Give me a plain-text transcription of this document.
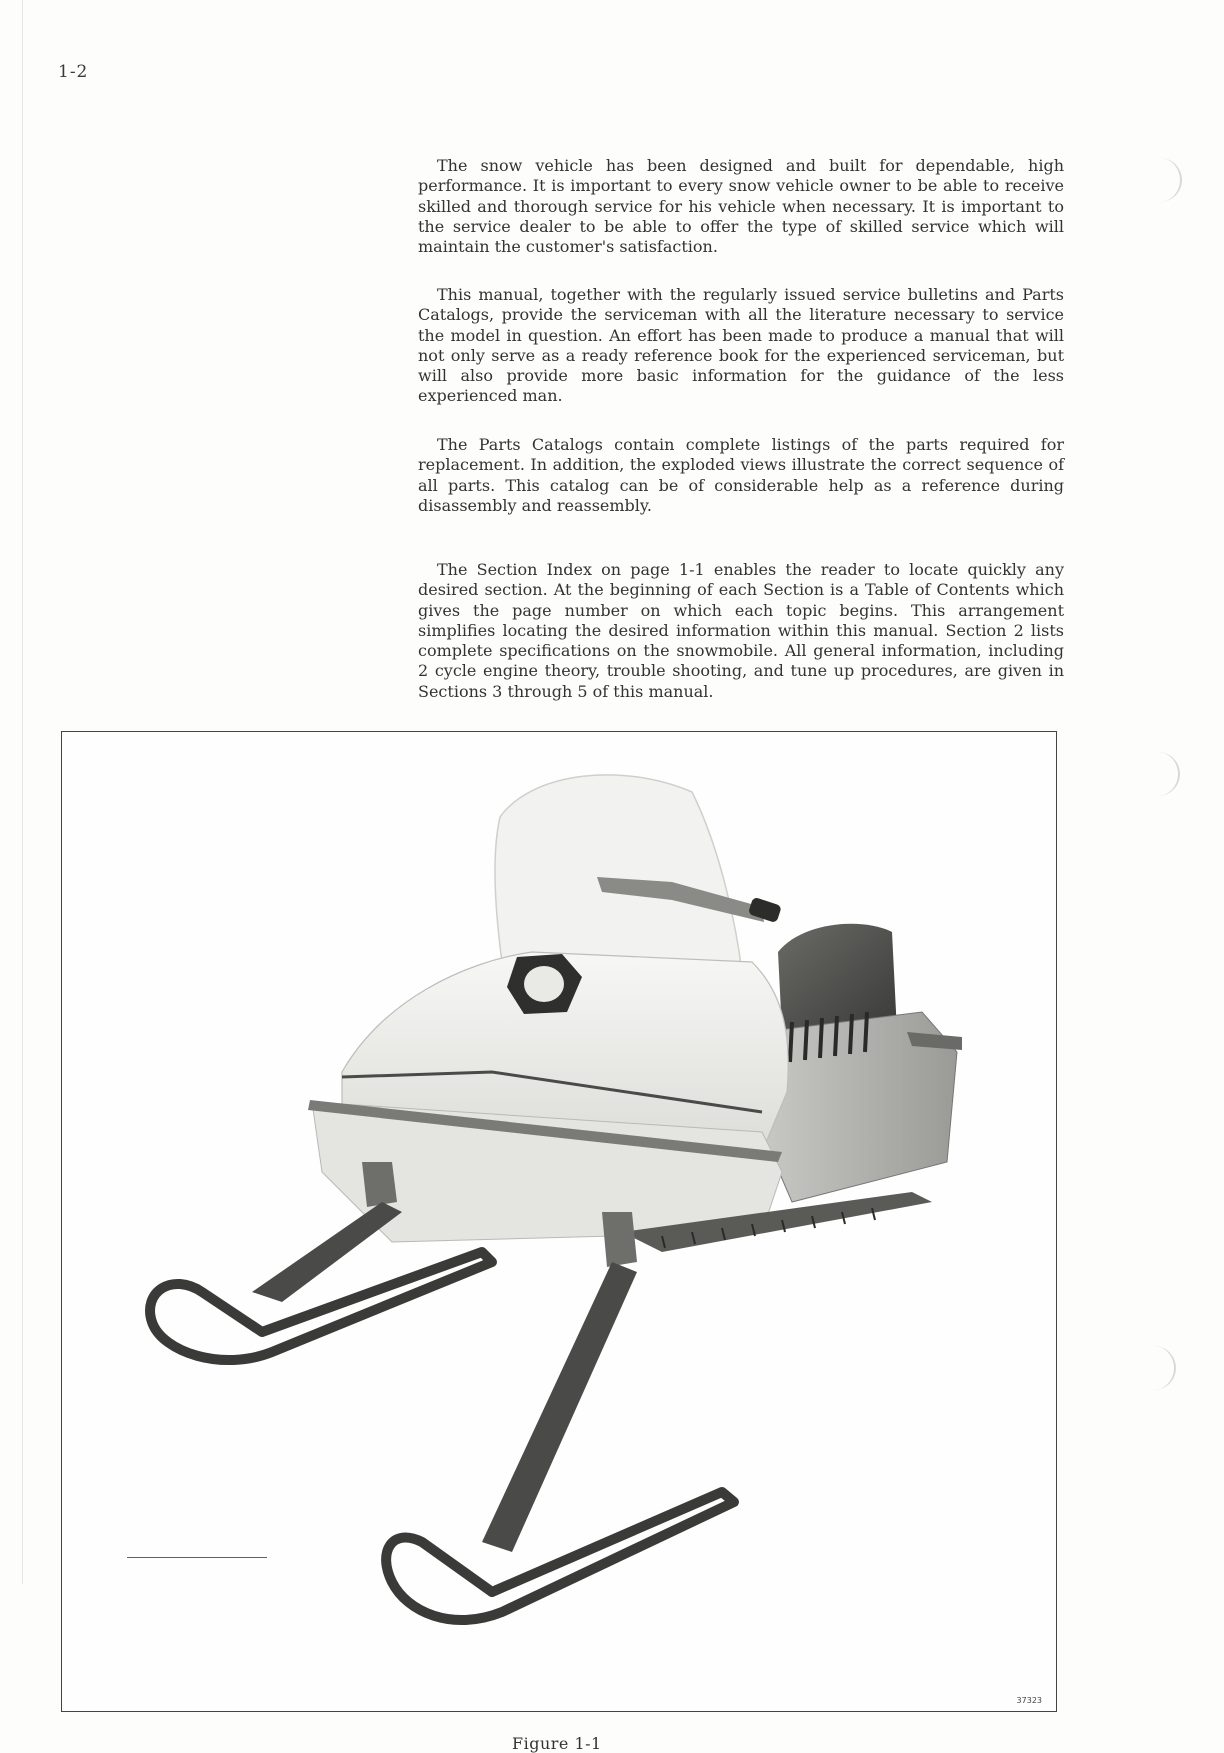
1-2

The snow vehicle has been designed and built for dependable, high performance. It is important to every snow vehicle owner to be able to receive skilled and thorough service for his vehicle when necessary. It is important to the service dealer to be able to offer the type of skilled service which will maintain the customer's satisfaction.

This manual, together with the regularly issued service bulletins and Parts Catalogs, provide the serviceman with all the literature necessary to service the model in question. An effort has been made to produce a manual that will not only serve as a ready reference book for the experienced serviceman, but will also provide more basic information for the guidance of the less experienced man.

The Parts Catalogs contain complete listings of the parts required for replacement. In addition, the exploded views illustrate the correct sequence of all parts. This catalog can be of considerable help as a reference during disassembly and reassembly.

The Section Index on page 1-1 enables the reader to locate quickly any desired section. At the beginning of each Section is a Table of Contents which gives the page number on which each topic begins. This arrangement simplifies locating the desired information within this manual. Section 2 lists complete specifications on the snowmobile. All general information, including 2 cycle engine theory, trouble shooting, and tune up procedures, are given in Sections 3 through 5 of this manual.

37323
Figure 1-1
